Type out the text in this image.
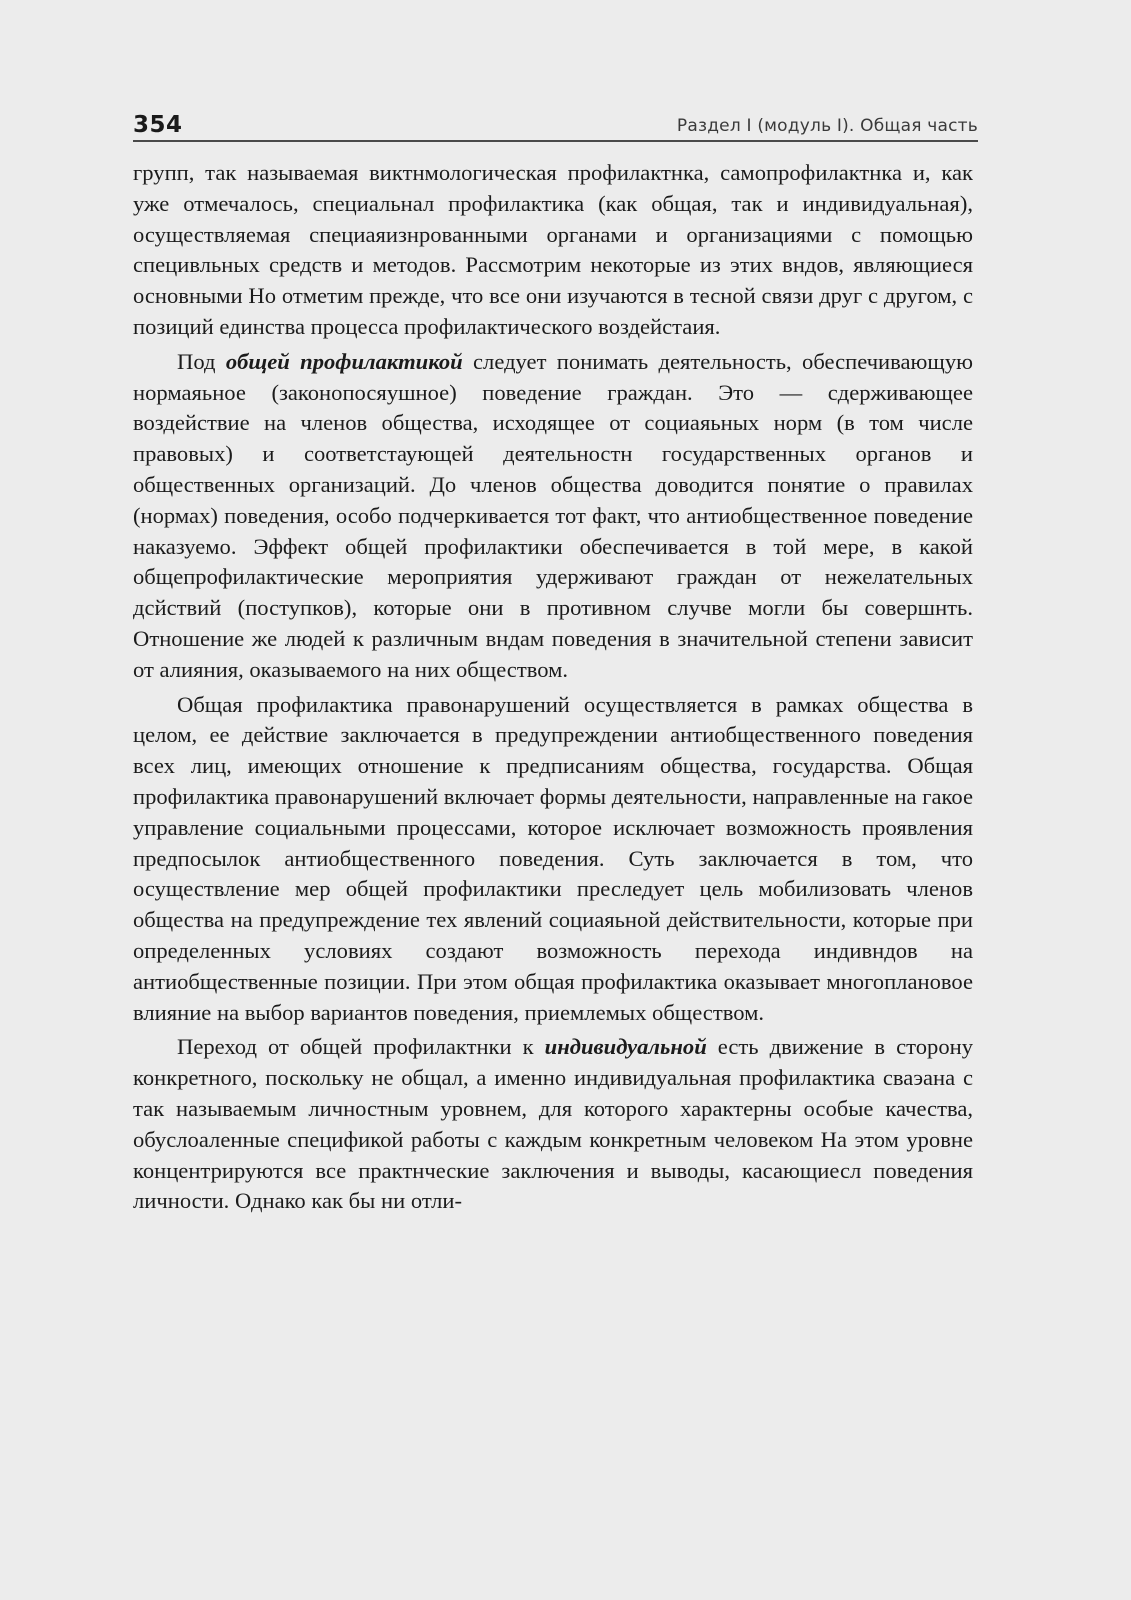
354	Раздел I (модуль I). Общая часть

групп, так называемая виктнмологическая профилактнка, самопрофилактнка и, как уже отмечалось, специальнал профилактика (как общая, так и индивидуальная), осуществляемая специаяизнрованными органами и организациями с помощью специвльных средств и методов. Рассмотрим некоторые из этих вндов, являющиеся основными Но отметим прежде, что все они изучаются в тесной связи друг с другом, с позиций единства процесса профилактического воздейстаия.

Под общей профилактикой следует понимать деятельность, обеспечивающую нормаяьное (законопосяушное) поведение граждан. Это — сдерживающее воздействие на членов общества, исходящее от социаяьных норм (в том числе правовых) и соответстаующей деятельностн государственных органов и общественных организаций. До членов общества доводится понятие о правилах (нормах) поведения, особо подчеркивается тот факт, что антиобщественное поведение наказуемо. Эффект общей профилактики обеспечивается в той мере, в какой общепрофилактические мероприятия удерживают граждан от нежелательных дсйствий (поступков), которые они в противном случве могли бы совершнть. Отношение же людей к различным вндам поведения в значительной степени зависит от алияния, оказываемого на них обществом.

Общая профилактика правонарушений осуществляется в рамках общества в целом, ее действие заключается в предупреждении антиобщественного поведения всех лиц, имеющих отношение к предписаниям общества, государства. Общая профилактика правонарушений включает формы деятельности, направленные на гакое управление социальными процессами, которое исключает возможность проявления предпосылок антиобщественного поведения. Суть заключается в том, что осуществление мер общей профилактики преследует цель мобилизовать членов общества на предупреждение тех явлений социаяьной действительности, которые при определенных условиях создают возможность перехода индивндов на антиобщественные позиции. При этом общая профилактика оказывает многоплановое влияние на выбор вариантов поведения, приемлемых обществом.

Переход от общей профилактнки к индивидуальной есть движение в сторону конкретного, поскольку не общал, а именно индивидуальная профилактика сваэана с так называемым личностным уровнем, для которого характерны особые качества, обуслоаленные спецификой работы с каждым конкретным человеком На этом уровне концентрируются все практнческие заключения и выводы, касающиесл поведения личности. Однако как бы ни отли-
